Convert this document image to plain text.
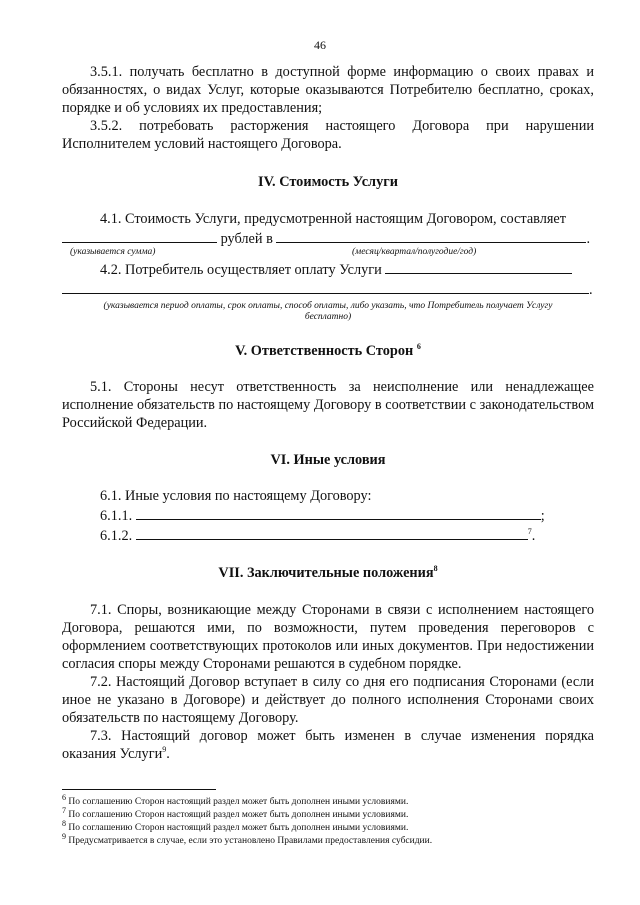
46

3.5.1. получать бесплатно в доступной форме информацию о своих правах и обязанностях, о видах Услуг, которые оказываются Потребителю бесплатно, сроках, порядке и об условиях их предоставления;

3.5.2. потребовать расторжения настоящего Договора при нарушении Исполнителем условий настоящего Договора.

IV. Стоимость Услуги

4.1. Стоимость Услуги, предусмотренной настоящим Договором, составляет

рублей в	.

(указывается сумма)	(месяц/квартал/полугодие/год)

4.2. Потребитель осуществляет оплату Услуги

.

(указывается период оплаты, срок оплаты, способ оплаты, либо указать, что Потребитель получает Услугу бесплатно)

V. Ответственность Сторон $^6$

5.1. Стороны несут ответственность за неисполнение или ненадлежащее исполнение обязательств по настоящему Договору в соответствии с законодательством Российской Федерации.

VI. Иные условия

6.1. Иные условия по настоящему Договору:

6.1.1.	;

6.1.2.	$^7$.

VII. Заключительные положения$^8$

7.1. Споры, возникающие между Сторонами в связи с исполнением настоящего Договора, решаются ими, по возможности, путем проведения переговоров с оформлением соответствующих протоколов или иных документов. При недостижении согласия споры между Сторонами решаются в судебном порядке.

7.2. Настоящий Договор вступает в силу со дня его подписания Сторонами (если иное не указано в Договоре) и действует до полного исполнения Сторонами своих обязательств по настоящему Договору.

7.3. Настоящий договор может быть изменен в случае изменения порядка оказания Услуги$^9$.

$^6$ По соглашению Сторон настоящий раздел может быть дополнен иными условиями.
$^7$ По соглашению Сторон настоящий раздел может быть дополнен иными условиями.
$^8$ По соглашению Сторон настоящий раздел может быть дополнен иными условиями.
$^9$ Предусматривается в случае, если это установлено Правилами предоставления субсидии.
